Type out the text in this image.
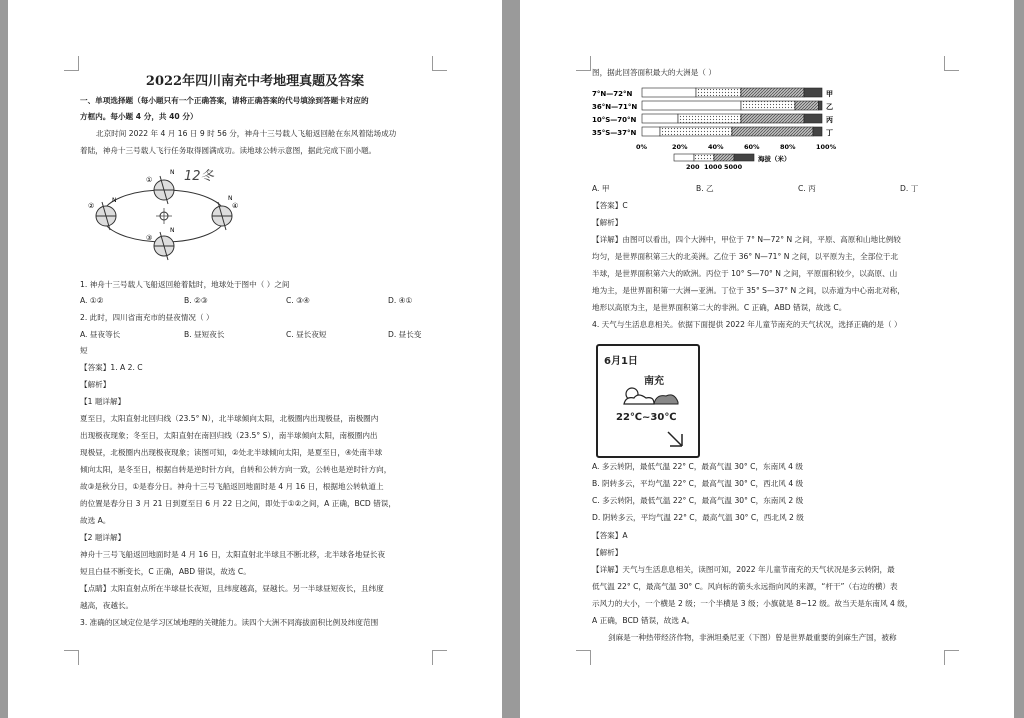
2022年四川南充中考地理真题及答案
一、单项选择题（每小题只有一个正确答案，请将正确答案的代号填涂到答题卡对应的
方框内。每小题 4 分，共 40 分）
北京时间 2022 年 4 月 16 日 9 时 56 分，神舟十三号载人飞船返回舱在东风着陆场成功
着陆，神舟十三号载人飞行任务取得圆满成功。读地球公转示意图，据此完成下面小题。
①
②
③
④
N
N
N
N
12冬
1. 神舟十三号载人飞船返回舱着陆时，地球处于图中（ ）之间
A. ①②	B. ②③	C. ③④	D. ④①
2. 此时，四川省南充市的昼夜情况（ ）
A. 昼夜等长	B. 昼短夜长	C. 昼长夜短	D. 昼长变
短
【答案】1. A 2. C
【解析】
【1 题详解】
夏至日，太阳直射北回归线（23.5° N），北半球倾向太阳，北极圈内出现极昼，南极圈内
出现极夜现象；冬至日，太阳直射在南回归线（23.5° S），南半球倾向太阳，南极圈内出
现极昼，北极圈内出现极夜现象；读图可知，②处北半球倾向太阳，是夏至日，④处南半球
倾向太阳，是冬至日，根据自转是逆时针方向，自转和公转方向一致，公转也是逆时针方向，
故③是秋分日，①是春分日。神舟十三号飞船返回地面时是 4 月 16 日，根据地公转轨道上
的位置是春分日 3 月 21 日到夏至日 6 月 22 日之间，即处于①②之间，A 正确，BCD 错误，
故选 A。
【2 题详解】
神舟十三号飞船返回地面时是 4 月 16 日，太阳直射北半球且不断北移，北半球各地昼长夜
短且白昼不断变长，C 正确，ABD 错误，故选 C。
【点睛】太阳直射点所在半球昼长夜短，且纬度越高，昼越长。另一半球昼短夜长，且纬度
越高，夜越长。
3. 准确的区域定位是学习区域地理的关键能力。读四个大洲不同海拔面积比例及纬度范围
图，据此回答面积最大的大洲是（ ）
7°N—72°N	甲
36°N—71°N	乙
10°S—70°N	丙
35°S—37°N	丁
0%	20%	40%	60%	80%	100%
200 1000 5000
海拔（米）
A. 甲	B. 乙	C. 丙	D. 丁
【答案】C
【解析】
【详解】由图可以看出，四个大洲中，甲位于 7° N—72° N 之间，平原、高原和山地比例较
均匀，是世界面积第三大的北美洲。乙位于 36° N—71° N 之间，以平原为主，全部位于北
半球，是世界面积第六大的欧洲。丙位于 10° S—70° N 之间，平原面积较少，以高原、山
地为主，是世界面积第一大洲—亚洲。丁位于 35° S—37° N 之间，以赤道为中心南北对称，
地形以高原为主，是世界面积第二大的非洲。C 正确，ABD 错误，故选 C。
4. 天气与生活息息相关。依据下面提供 2022 年儿童节南充的天气状况，选择正确的是（ ）
6月1日
南充
22℃~30℃
A. 多云转阴，最低气温 22° C，最高气温 30° C，东南风 4 级
B. 阴转多云，平均气温 22° C，最高气温 30° C，西北风 4 级
C. 多云转阴，最低气温 22° C，最高气温 30° C，东南风 2 级
D. 阴转多云，平均气温 22° C，最高气温 30° C，西北风 2 级
【答案】A
【解析】
【详解】天气与生活息息相关，读图可知，2022 年儿童节南充的天气状况是多云转阴，最
低气温 22° C，最高气温 30° C。风向标的箭头永远指向风的来源，“杆干”（右边的横）表
示风力的大小，一个横是 2 级；一个半横是 3 级；小旗就是 8~12 级。故当天是东南风 4 级，
A 正确，BCD 错误，故选 A。
剑麻是一种热带经济作物，非洲坦桑尼亚（下图）曾是世界最重要的剑麻生产国，被称
